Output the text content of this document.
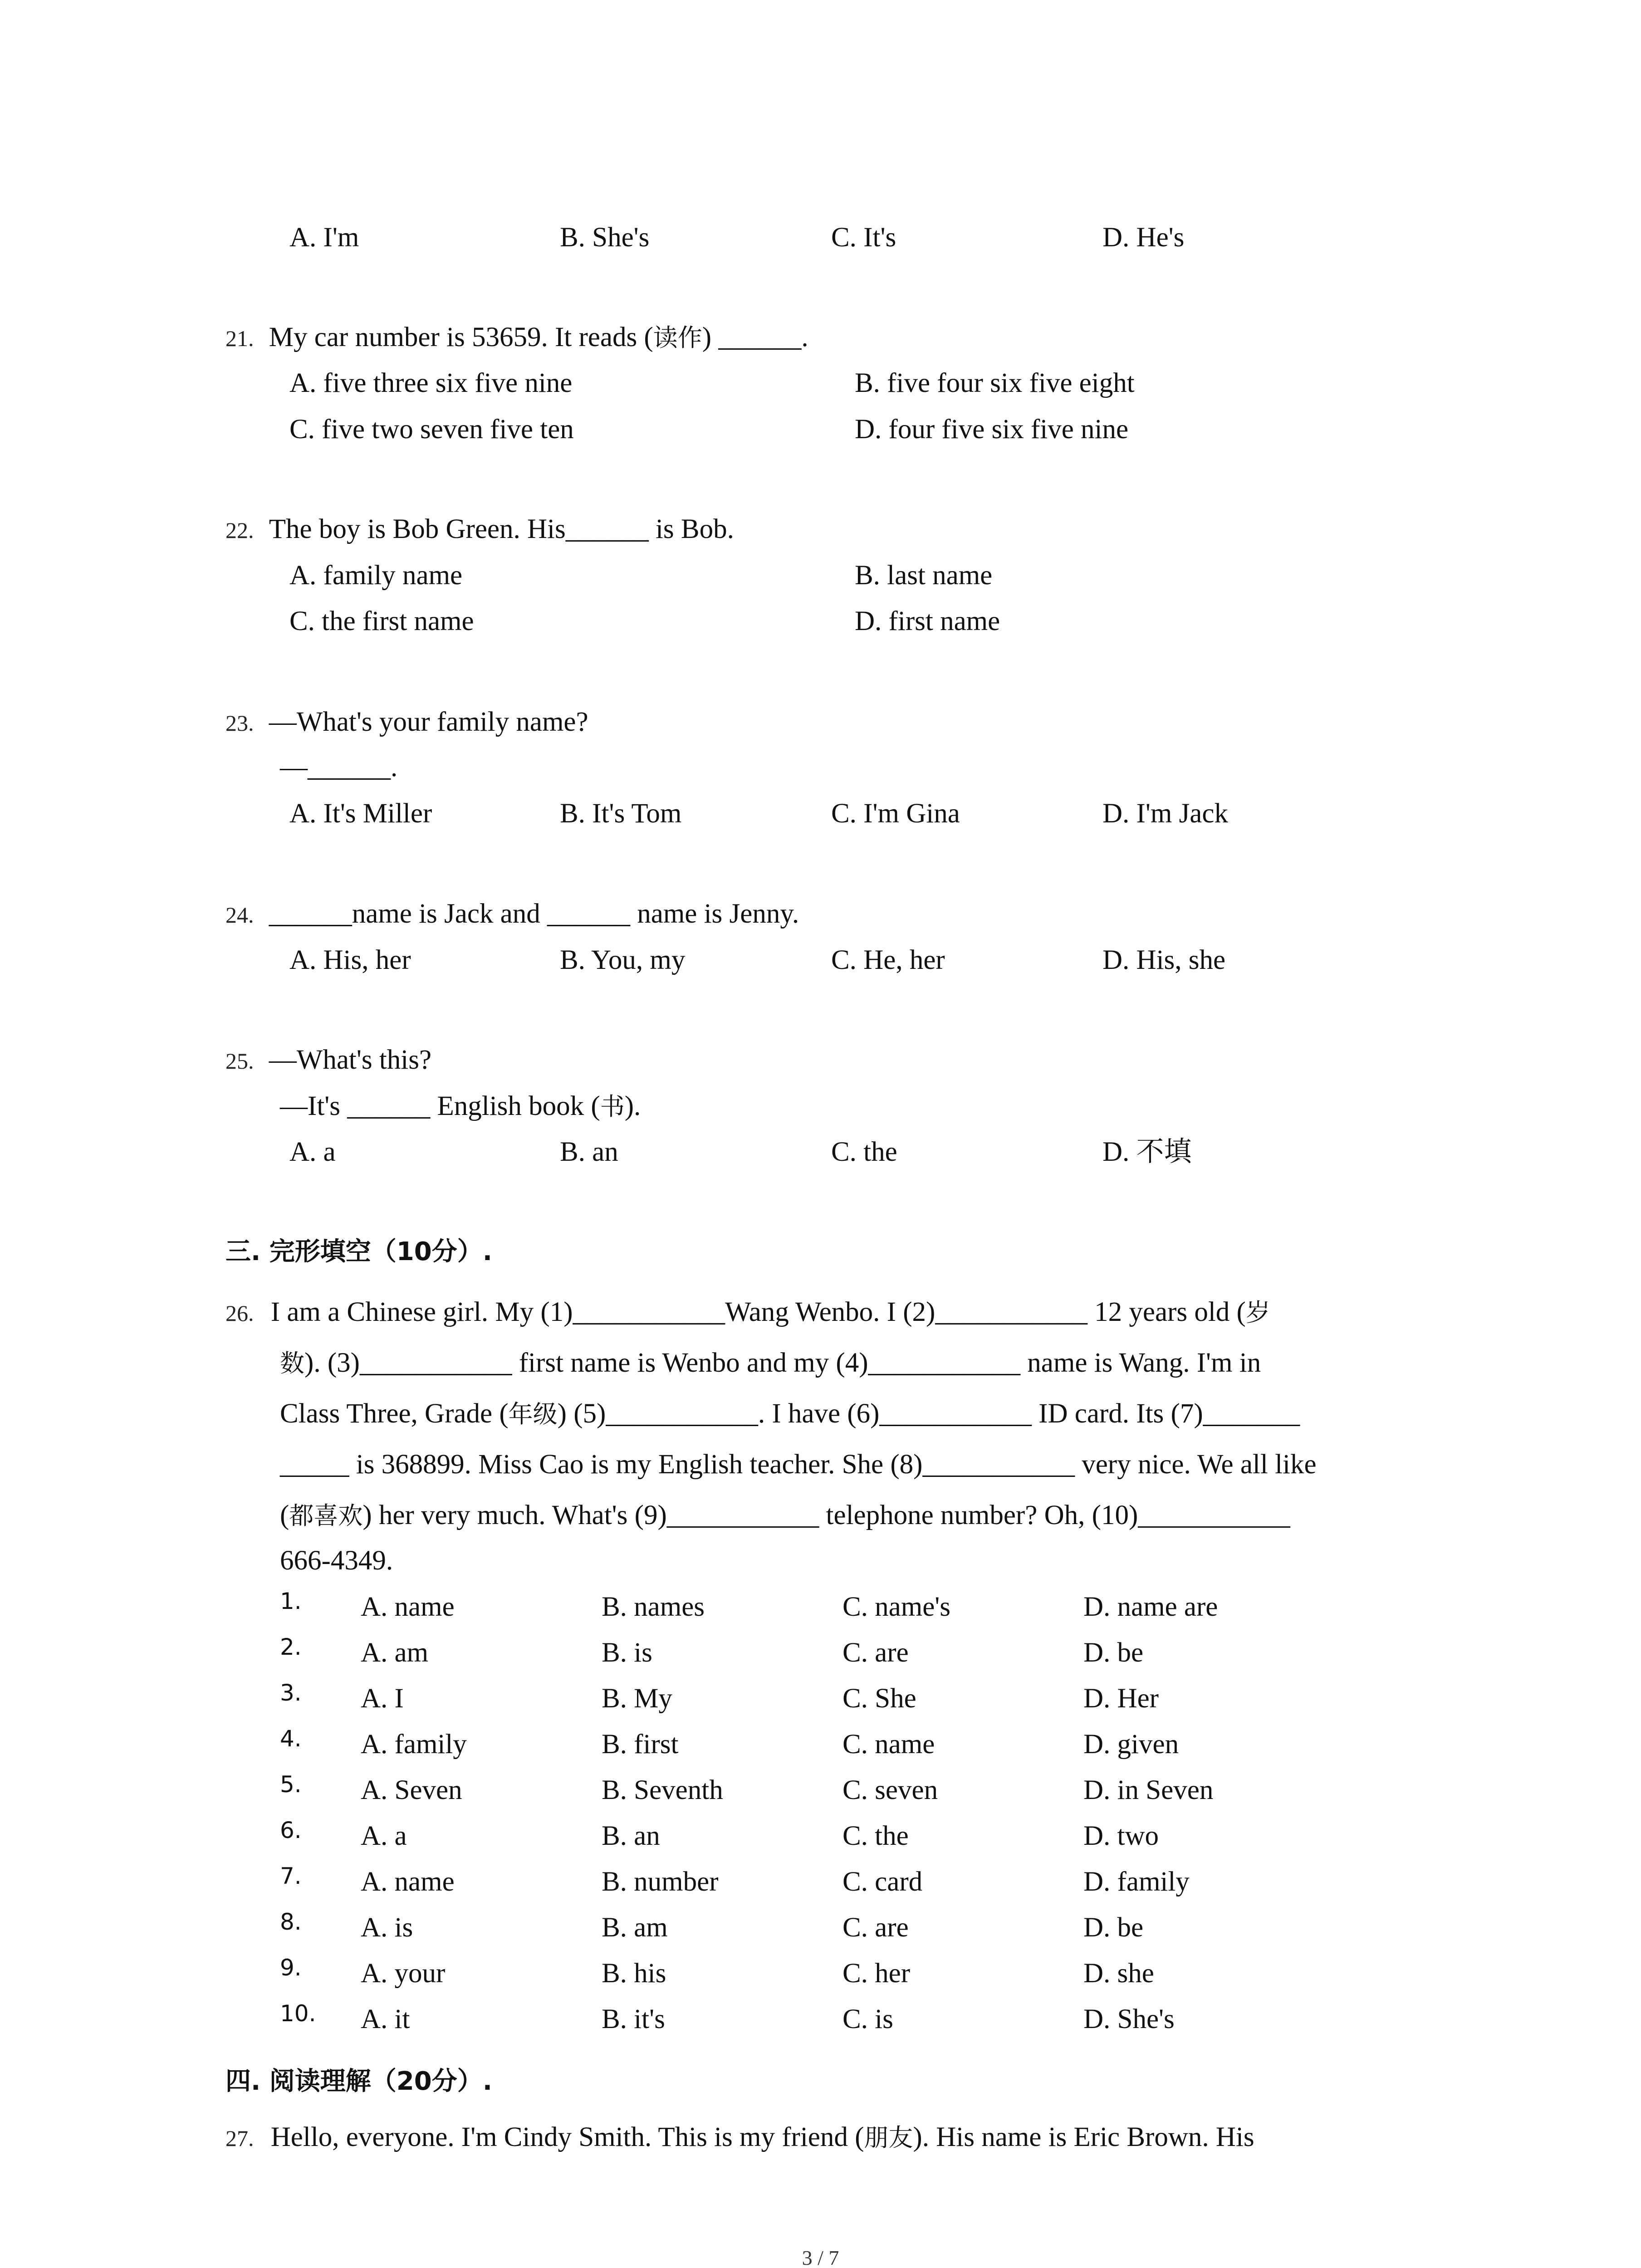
A. I'm	B. She's	C. It's	D. He's
21. My car number is 53659. It reads (读作) ______.
A. five three six five nine	B. five four six five eight
C. five two seven five ten	D. four five six five nine
22. The boy is Bob Green. His______ is Bob.
A. family name	B. last name
C. the first name	D. first name
23. —What's your family name?
—______.
A. It's Miller	B. It's Tom	C. I'm Gina	D. I'm Jack
24. ______name is Jack and ______ name is Jenny.
A. His, her	B. You, my	C. He, her	D. His, she
25. —What's this?
—It's ______ English book (书).
A. a	B. an	C. the	D. 不填
三. 完形填空（10分）.
26. I am a Chinese girl. My (1)___________Wang Wenbo. I (2)___________ 12 years old (岁
数). (3)___________ first name is Wenbo and my (4)___________ name is Wang. I'm in
Class Three, Grade (年级) (5)___________. I have (6)___________ ID card. Its (7)_______
_____ is 368899. Miss Cao is my English teacher. She (8)___________ very nice. We all like
(都喜欢) her very much. What's (9)___________ telephone number? Oh, (10)___________
666-4349.
1. A. name	B. names	C. name's	D. name are
2. A. am	B. is	C. are	D. be
3. A. I	B. My	C. She	D. Her
4. A. family	B. first	C. name	D. given
5. A. Seven	B. Seventh	C. seven	D. in Seven
6. A. a	B. an	C. the	D. two
7. A. name	B. number	C. card	D. family
8. A. is	B. am	C. are	D. be
9. A. your	B. his	C. her	D. she
10. A. it	B. it's	C. is	D. She's
四. 阅读理解（20分）.
27. Hello, everyone. I'm Cindy Smith. This is my friend (朋友). His name is Eric Brown. His
3 / 7
